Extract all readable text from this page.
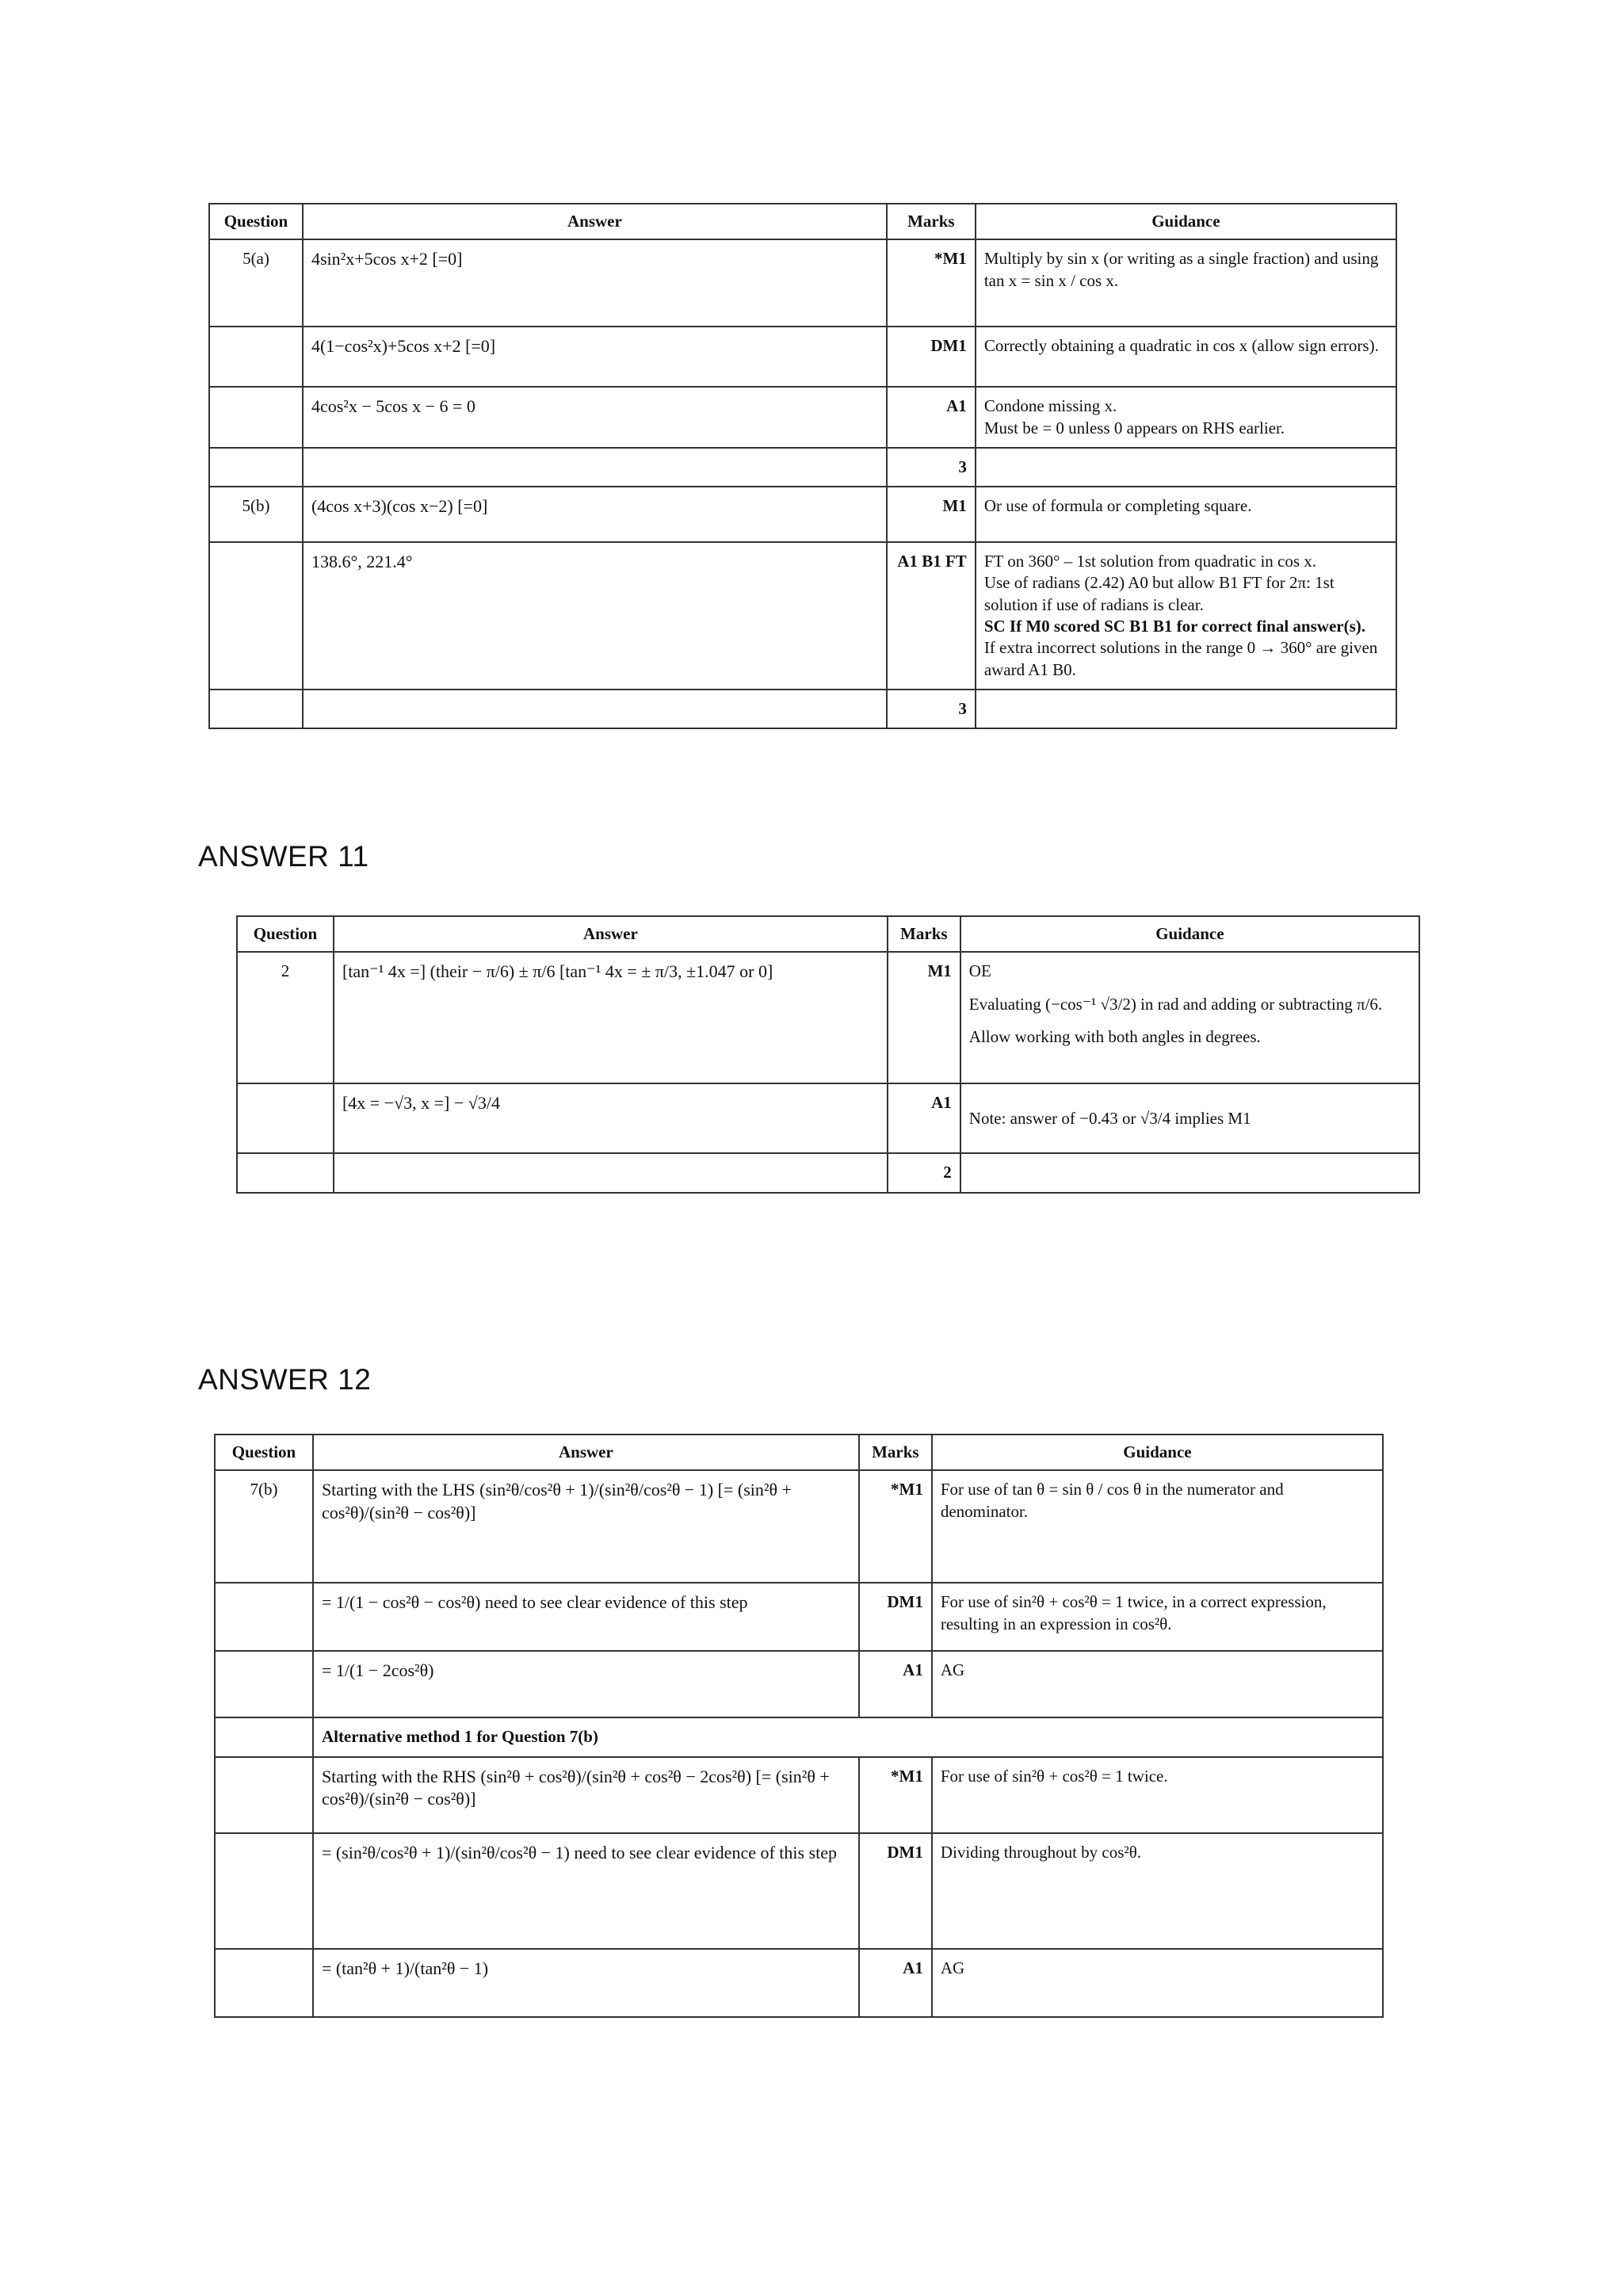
Question	Answer	Marks	Guidance
5(a)	4sin²x+5cos x+2 [=0]	*M1	Multiply by sin x (or writing as a single fraction) and using tan x = sin x / cos x.
	4(1−cos²x)+5cos x+2 [=0]	DM1	Correctly obtaining a quadratic in cos x (allow sign errors).
	4cos²x − 5cos x − 6 = 0	A1	Condone missing x.
Must be = 0 unless 0 appears on RHS earlier.

		3	
5(b)	(4cos x+3)(cos x−2) [=0]	M1	Or use of formula or completing square.
	138.6°, 221.4°	A1 B1 FT	FT on 360° – 1st solution from quadratic in cos x.
Use of radians (2.42) A0 but allow B1 FT for 2π: 1st solution if use of radians is clear.
SC If M0 scored SC B1 B1 for correct final answer(s).
If extra incorrect solutions in the range 0 → 360° are given award A1 B0.

		3	
ANSWER 11
Question	Answer	Marks	Guidance
2	[tan⁻¹ 4x =] (their − π/6) ± π/6 [tan⁻¹ 4x = ± π/3, ±1.047 or 0]	M1	OE
Evaluating (−cos⁻¹ √3/2) in rad and adding or subtracting π/6.
Allow working with both angles in degrees.

	[4x = −√3, x =] − √3/4	A1	Note: answer of −0.43 or √3/4 implies M1
		2	
ANSWER 12
Question	Answer	Marks	Guidance
7(b)	Starting with the LHS (sin²θ/cos²θ + 1)/(sin²θ/cos²θ − 1) [= (sin²θ + cos²θ)/(sin²θ − cos²θ)]	*M1	For use of tan θ = sin θ / cos θ in the numerator and denominator.
	= 1/(1 − cos²θ − cos²θ) need to see clear evidence of this step	DM1	For use of sin²θ + cos²θ = 1 twice, in a correct expression, resulting in an expression in cos²θ.
	= 1/(1 − 2cos²θ)	A1	AG
	Alternative method 1 for Question 7(b)		
	Starting with the RHS (sin²θ + cos²θ)/(sin²θ + cos²θ − 2cos²θ) [= (sin²θ + cos²θ)/(sin²θ − cos²θ)]	*M1	For use of sin²θ + cos²θ = 1 twice.
	= (sin²θ/cos²θ + 1)/(sin²θ/cos²θ − 1) need to see clear evidence of this step	DM1	Dividing throughout by cos²θ.
	= (tan²θ + 1)/(tan²θ − 1)	A1	AG
